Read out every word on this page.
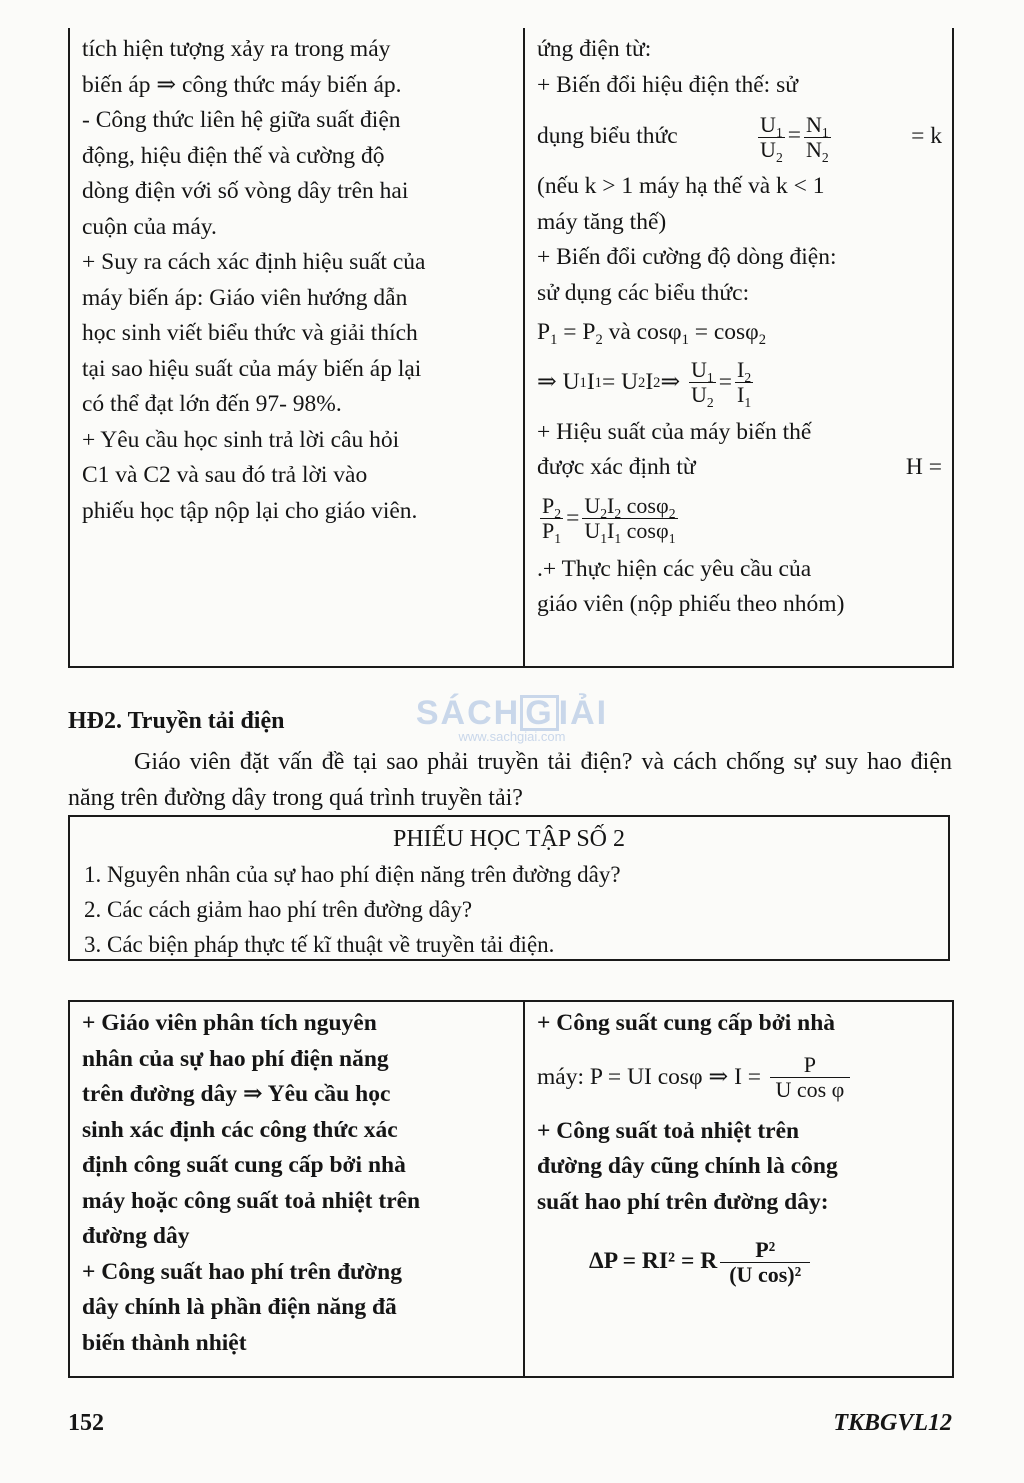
tích hiện tượng xảy ra trong máy

biến áp ⇒ công thức máy biến áp.

- Công thức liên hệ giữa suất điện

động, hiệu điện thế và cường độ

dòng điện với số vòng dây trên hai

cuộn của máy.

+ Suy ra cách xác định hiệu suất của

máy biến áp: Giáo viên hướng dẫn

học sinh viết biểu thức và giải thích

tại sao hiệu suất của máy biến áp lại

có thể đạt lớn đến 97- 98%.

+ Yêu cầu học sinh trả lời câu hỏi

C1 và C2 và sau đó trả lời vào

phiếu học tập nộp lại cho giáo viên.

ứng điện từ:

+ Biến đổi hiệu điện thế: sử

dụng biểu thức	$\frac{U_1}{U_2} = \frac{N_1}{N_2}$	= k

(nếu k > 1 máy hạ thế và k < 1

máy tăng thế)

+ Biến đổi cường độ dòng điện:

sử dụng các biểu thức:

$P_1 = P_2$ và cosφ$_1$ = cosφ$_2$

⇒ U 1 I 1 = U 2 I 2 ⇒ $\frac{U_1}{U_2} = \frac{I_2}{I_1}$

+ Hiệu suất của máy biến thế

được xác định từ	H =

$\frac{P_2}{P_1} = \frac{U_2I_2 \cos\varphi_2}{U_1I_1 \cos\varphi_1}$

.+ Thực hiện các yêu cầu của

giáo viên (nộp phiếu theo nhóm)

SÁCH G IẢI
www.sachgiai.com
HĐ2. Truyền tải điện
Giáo viên đặt vấn đề tại sao phải truyền tải điện? và cách chống sự suy hao điện năng trên đường dây trong quá trình truyền tải?
PHIẾU HỌC TẬP SỐ 2
1. Nguyên nhân của sự hao phí điện năng trên đường dây?
2. Các cách giảm hao phí trên đường dây?
3. Các biện pháp thực tế kĩ thuật về truyền tải điện.

+ Giáo viên phân tích nguyên

nhân của sự hao phí điện năng

trên đường dây ⇒ Yêu cầu học

sinh xác định các công thức xác

định công suất cung cấp bởi nhà

máy hoặc công suất toả nhiệt trên

đường dây

+ Công suất hao phí trên đường

dây chính là phần điện năng đã

biến thành nhiệt

+ Công suất cung cấp bởi nhà

máy: P = UI cosφ ⇒ I =
$\frac{P}{\text{U cos φ}}$

+ Công suất toả nhiệt trên

đường dây cũng chính là công

suất hao phí trên đường dây:

ΔP = RI² = R $\frac{\text{P²}}{\text{(U cos)²}}$

152	TKBGVL12
